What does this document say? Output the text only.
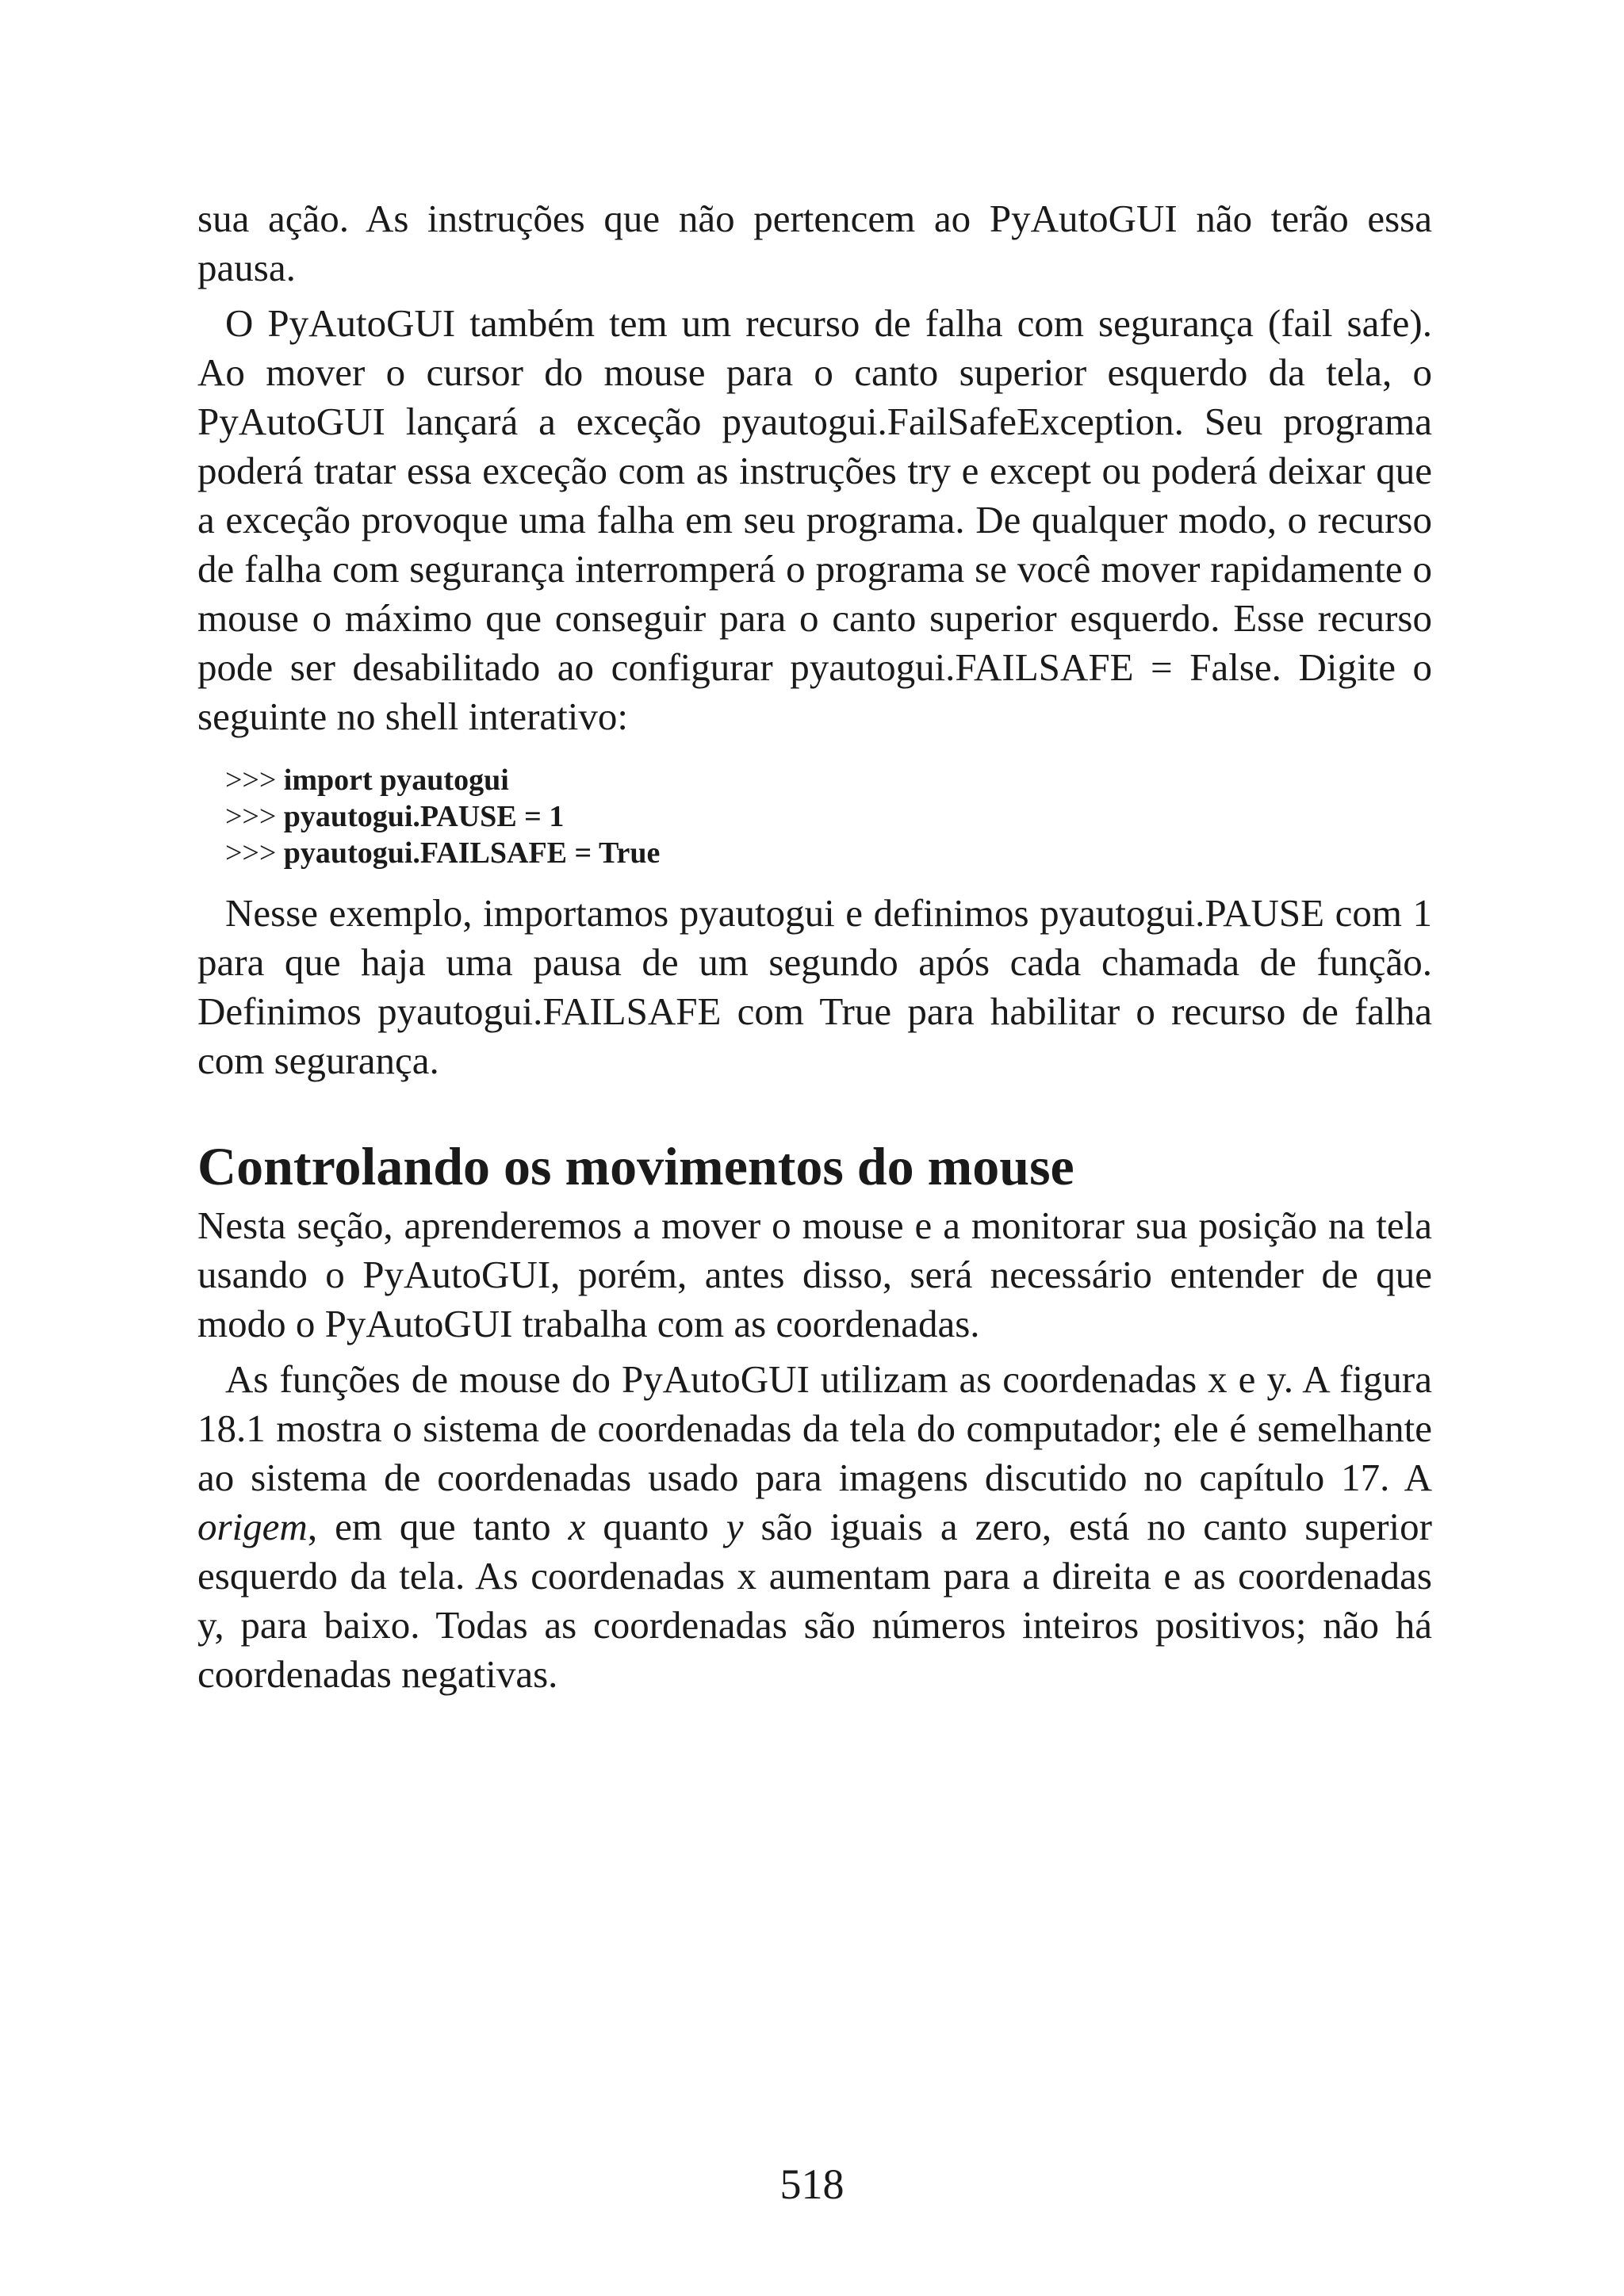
sua ação. As instruções que não pertencem ao PyAutoGUI não terão essa pausa.

O PyAutoGUI também tem um recurso de falha com segurança (fail safe). Ao mover o cursor do mouse para o canto superior esquerdo da tela, o PyAutoGUI lançará a exceção pyautogui.FailSafeException. Seu programa poderá tratar essa exceção com as instruções try e except ou poderá deixar que a exceção provoque uma falha em seu programa. De qualquer modo, o recurso de falha com segurança interromperá o programa se você mover rapidamente o mouse o máximo que conseguir para o canto superior esquerdo. Esse recurso pode ser desabilitado ao configurar pyautogui.FAILSAFE = False. Digite o seguinte no shell interativo:

>>> import pyautogui
>>> pyautogui.PAUSE = 1
>>> pyautogui.FAILSAFE = True

Nesse exemplo, importamos pyautogui e definimos pyautogui.PAUSE com 1 para que haja uma pausa de um segundo após cada chamada de função. Definimos pyautogui.FAILSAFE com True para habilitar o recurso de falha com segurança.

Controlando os movimentos do mouse

Nesta seção, aprenderemos a mover o mouse e a monitorar sua posição na tela usando o PyAutoGUI, porém, antes disso, será necessário entender de que modo o PyAutoGUI trabalha com as coordenadas.

As funções de mouse do PyAutoGUI utilizam as coordenadas x e y. A figura 18.1 mostra o sistema de coordenadas da tela do computador; ele é semelhante ao sistema de coordenadas usado para imagens discutido no capítulo 17. A origem, em que tanto x quanto y são iguais a zero, está no canto superior esquerdo da tela. As coordenadas x aumentam para a direita e as coordenadas y, para baixo. Todas as coordenadas são números inteiros positivos; não há coordenadas negativas.

518
